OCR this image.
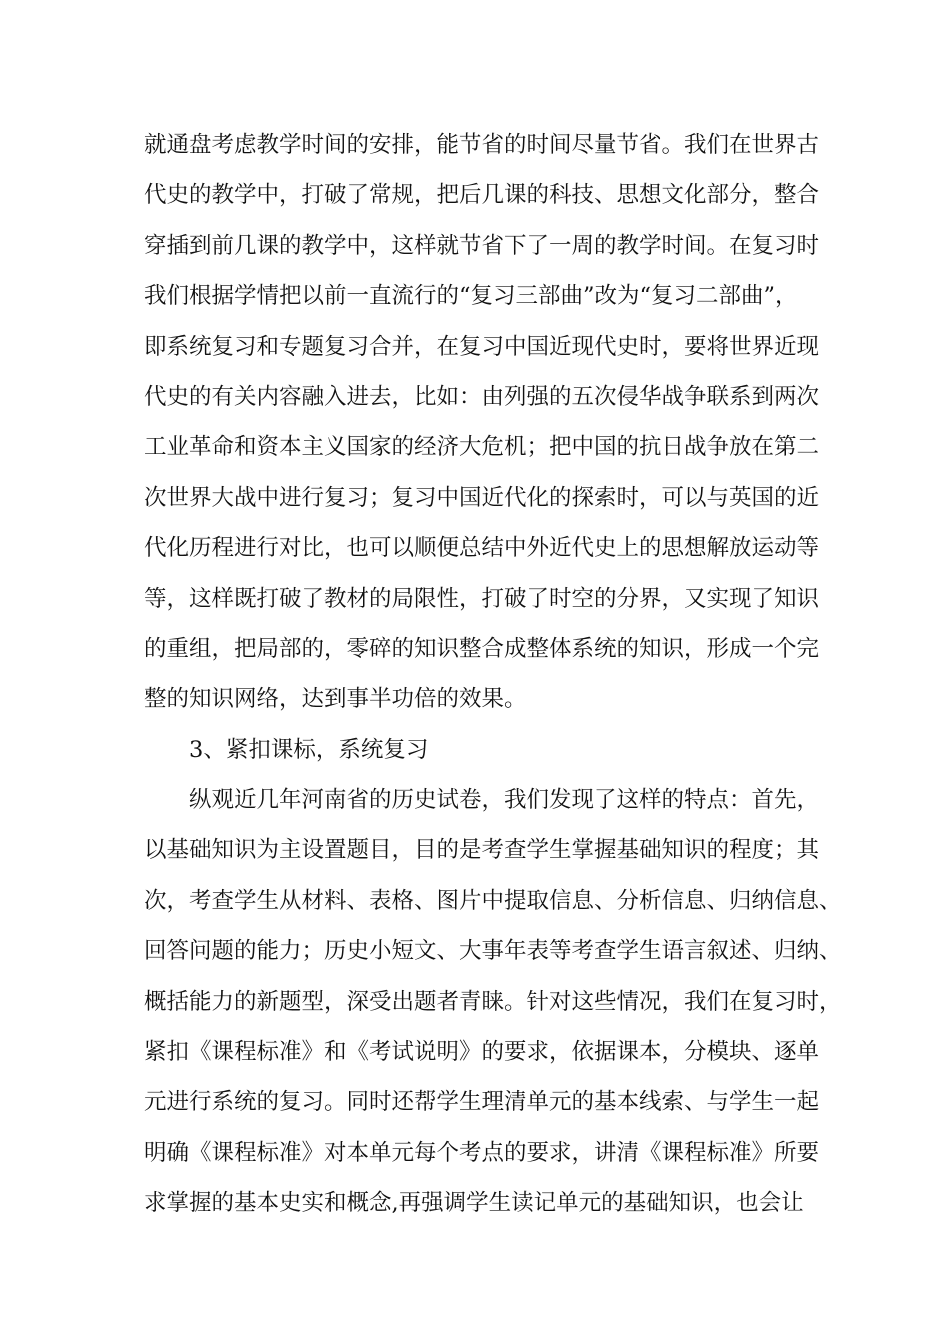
就通盘考虑教学时间的安排，能节省的时间尽量节省。我们在世界古
代史的教学中，打破了常规，把后几课的科技、思想文化部分，整合
穿插到前几课的教学中，这样就节省下了一周的教学时间。在复习时
我们根据学情把以前一直流行的“复习三部曲”改为“复习二部曲”，
即系统复习和专题复习合并，在复习中国近现代史时，要将世界近现
代史的有关内容融入进去，比如：由列强的五次侵华战争联系到两次
工业革命和资本主义国家的经济大危机；把中国的抗日战争放在第二
次世界大战中进行复习；复习中国近代化的探索时，可以与英国的近
代化历程进行对比，也可以顺便总结中外近代史上的思想解放运动等
等，这样既打破了教材的局限性，打破了时空的分界，又实现了知识
的重组，把局部的，零碎的知识整合成整体系统的知识，形成一个完
整的知识网络，达到事半功倍的效果。
3、紧扣课标，系统复习
纵观近几年河南省的历史试卷，我们发现了这样的特点：首先，
以基础知识为主设置题目，目的是考查学生掌握基础知识的程度；其
次，考查学生从材料、表格、图片中提取信息、分析信息、归纳信息、
回答问题的能力；历史小短文、大事年表等考查学生语言叙述、归纳、
概括能力的新题型，深受出题者青睐。针对这些情况，我们在复习时，
紧扣《课程标准》和《考试说明》的要求，依据课本，分模块、逐单
元进行系统的复习。同时还帮学生理清单元的基本线索、与学生一起
明确《课程标准》对本单元每个考点的要求，讲清《课程标准》所要
求掌握的基本史实和概念,再强调学生读记单元的基础知识，也会让
